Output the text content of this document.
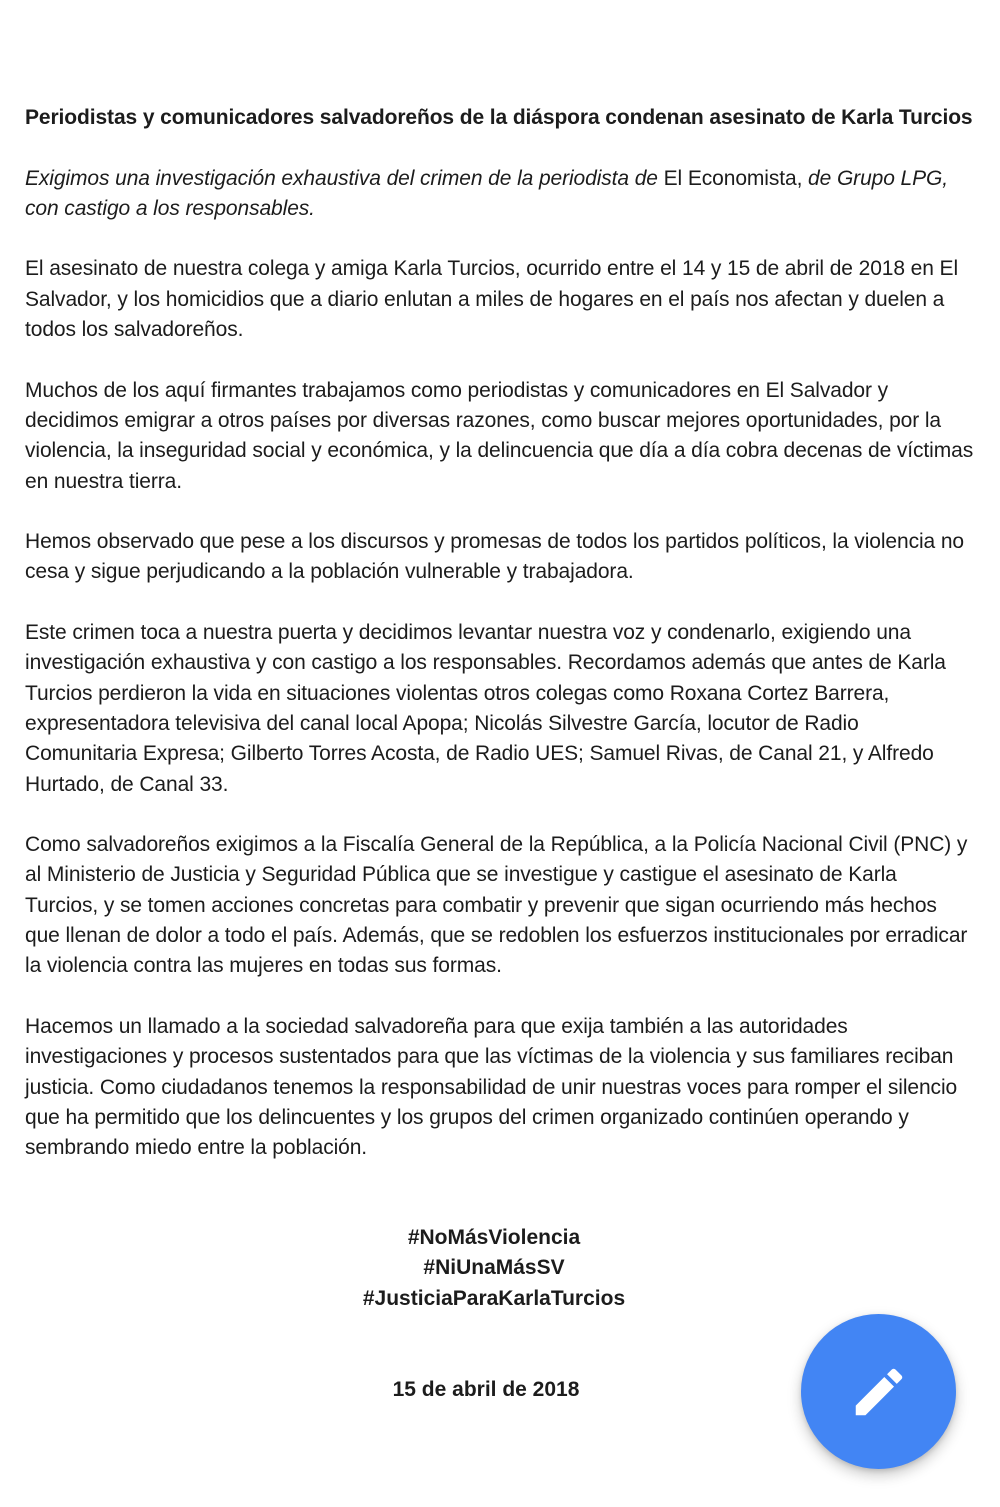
Periodistas y comunicadores salvadoreños de la diáspora condenan asesinato de Karla Turcios

Exigimos una investigación exhaustiva del crimen de la periodista de El Economista, de Grupo LPG, con castigo a los responsables.

El asesinato de nuestra colega y amiga Karla Turcios, ocurrido entre el 14 y 15 de abril de 2018 en El Salvador, y los homicidios que a diario enlutan a miles de hogares en el país nos afectan y duelen a todos los salvadoreños.

Muchos de los aquí firmantes trabajamos como periodistas y comunicadores en El Salvador y decidimos emigrar a otros países por diversas razones, como buscar mejores oportunidades, por la violencia, la inseguridad social y económica, y la delincuencia que día a día cobra decenas de víctimas en nuestra tierra.

Hemos observado que pese a los discursos y promesas de todos los partidos políticos, la violencia no cesa y sigue perjudicando a la población vulnerable y trabajadora.

Este crimen toca a nuestra puerta y decidimos levantar nuestra voz y condenarlo, exigiendo una investigación exhaustiva y con castigo a los responsables. Recordamos además que antes de Karla Turcios perdieron la vida en situaciones violentas otros colegas como Roxana Cortez Barrera, expresentadora televisiva del canal local Apopa; Nicolás Silvestre García, locutor de Radio Comunitaria Expresa; Gilberto Torres Acosta, de Radio UES; Samuel Rivas, de Canal 21, y Alfredo Hurtado, de Canal 33.

Como salvadoreños exigimos a la Fiscalía General de la República, a la Policía Nacional Civil (PNC) y al Ministerio de Justicia y Seguridad Pública que se investigue y castigue el asesinato de Karla Turcios, y se tomen acciones concretas para combatir y prevenir que sigan ocurriendo más hechos que llenan de dolor a todo el país. Además, que se redoblen los esfuerzos institucionales por erradicar la violencia contra las mujeres en todas sus formas.

Hacemos un llamado a la sociedad salvadoreña para que exija también a las autoridades investigaciones y procesos sustentados para que las víctimas de la violencia y sus familiares reciban justicia. Como ciudadanos tenemos la responsabilidad de unir nuestras voces para romper el silencio que ha permitido que los delincuentes y los grupos del crimen organizado continúen operando y sembrando miedo entre la población.

#NoMásViolencia
#NiUnaMásSV
#JusticiaParaKarlaTurcios
15 de abril de 2018
